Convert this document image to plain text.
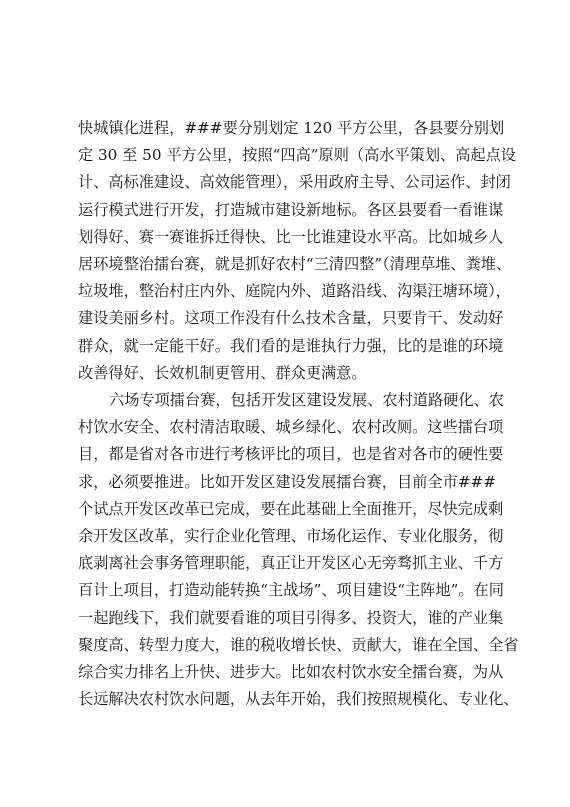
快城镇化进程，###要分别划定 120 平方公里，各县要分别划
定 30 至 50 平方公里，按照“四高”原则（高水平策划、高起点设
计、高标准建设、高效能管理），采用政府主导、公司运作、封闭
运行模式进行开发，打造城市建设新地标。各区县要看一看谁谋
划得好、赛一赛谁拆迁得快、比一比谁建设水平高。比如城乡人
居环境整治擂台赛，就是抓好农村“三清四整”（清理草堆、粪堆、
垃圾堆，整治村庄内外、庭院内外、道路沿线、沟渠汪塘环境），
建设美丽乡村。这项工作没有什么技术含量，只要肯干、发动好
群众，就一定能干好。我们看的是谁执行力强，比的是谁的环境
改善得好、长效机制更管用、群众更满意。

六场专项擂台赛，包括开发区建设发展、农村道路硬化、农
村饮水安全、农村清洁取暖、城乡绿化、农村改厕。这些擂台项
目，都是省对各市进行考核评比的项目，也是省对各市的硬性要
求，必须要推进。比如开发区建设发展擂台赛，目前全市###
个试点开发区改革已完成，要在此基础上全面推开，尽快完成剩
余开发区改革，实行企业化管理、市场化运作、专业化服务，彻
底剥离社会事务管理职能，真正让开发区心无旁骛抓主业、千方
百计上项目，打造动能转换“主战场”、项目建设“主阵地”。在同
一起跑线下，我们就要看谁的项目引得多、投资大，谁的产业集
聚度高、转型力度大，谁的税收增长快、贡献大，谁在全国、全省
综合实力排名上升快、进步大。比如农村饮水安全擂台赛，为从
长远解决农村饮水问题，从去年开始，我们按照规模化、专业化、
